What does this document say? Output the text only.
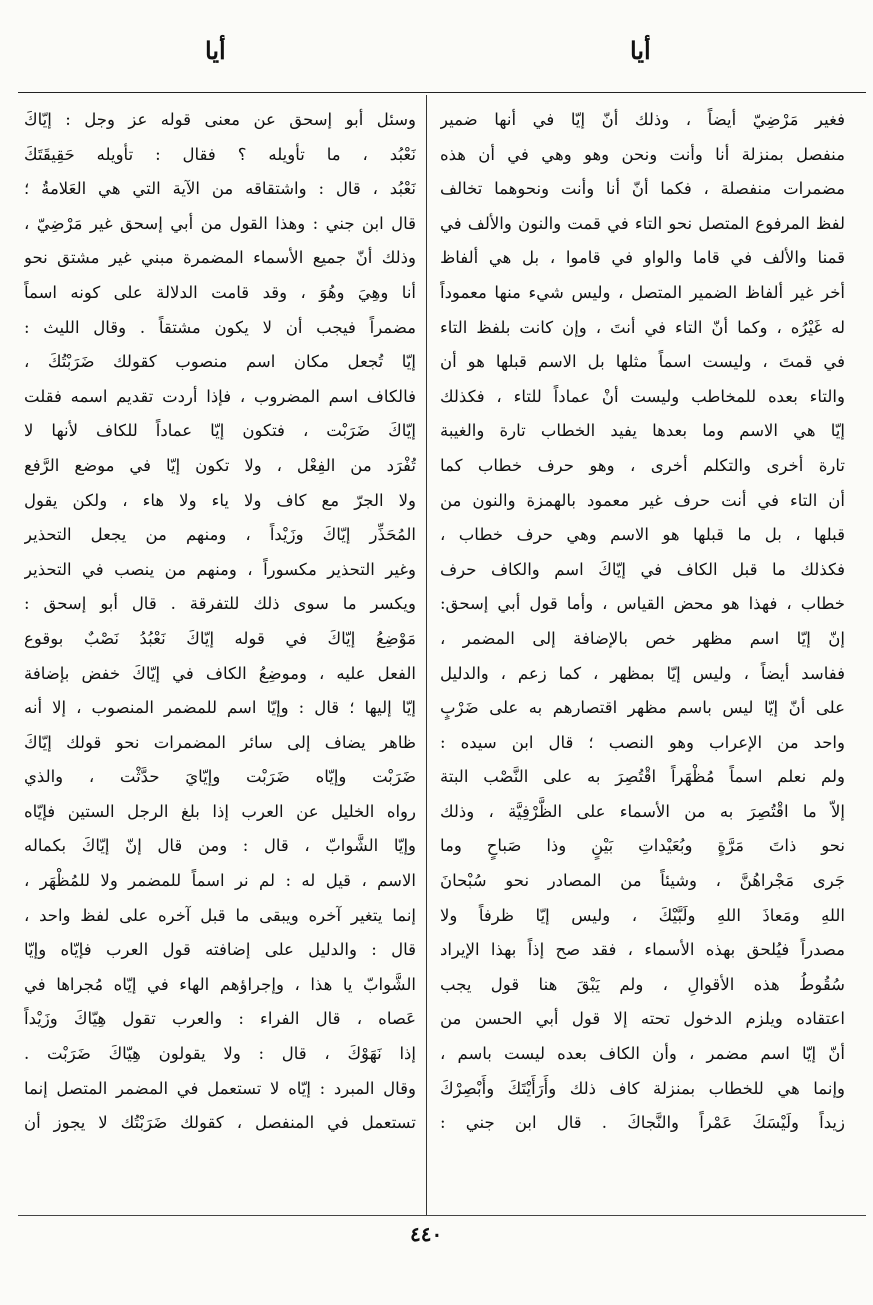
أيا
أيا
فغير مَرْضِيّ أيضاً ، وذلك أنّ إيّا في أنها ضمير
منفصل بمنزلة أنا وأنت ونحن وهو وهي في أن هذه
مضمرات منفصلة ، فكما أنّ أنا وأنت ونحوهما تخالف
لفظ المرفوع المتصل نحو التاء في قمت والنون والألف في
قمنا والألف في قاما والواو في قاموا ، بل هي ألفاظ
أخر غير ألفاظ الضمير المتصل ، وليس شيء منها معموداً
له غَيْرُه ، وكما أنّ التاء في أنتَ ، وإن كانت بلفظ التاء
في قمتَ ، وليست اسماً مثلها بل الاسم قبلها هو أن
والتاء بعده للمخاطب وليست أنْ عماداً للتاء ، فكذلك
إيّا هي الاسم وما بعدها يفيد الخطاب تارة والغيبة
تارة أخرى والتكلم أخرى ، وهو حرف خطاب كما
أن التاء في أنت حرف غير معمود بالهمزة والنون من
قبلها ، بل ما قبلها هو الاسم وهي حرف خطاب ،
فكذلك ما قبل الكاف في إيّاكَ اسم والكاف حرف
خطاب ، فهذا هو محض القياس ، وأما قول أبي إسحق:
إنّ إيّا اسم مظهر خص بالإضافة إلى المضمر ،
ففاسد أيضاً ، وليس إيّا بمظهر ، كما زعم ، والدليل
على أنّ إيّا ليس باسم مظهر اقتصارهم به على ضَرْبٍ
واحد من الإعراب وهو النصب ؛ قال ابن سيده :
ولم نعلم اسماً مُظْهَراً اقْتُصِرَ به على النَّصْب البتة
إلاّ ما اقْتُصِرَ به من الأسماء على الظَّرْفِيَّة ، وذلك
نحو ذاتَ مَرَّةٍ وبُعَيْداتِ بَيْنٍ وذا صَباحٍ وما
جَرى مَجْراهُنَّ ، وشيئاً من المصادر نحو سُبْحانَ
اللهِ ومَعاذَ اللهِ ولَبَّيْكَ ، وليس إيّا ظرفاً ولا
مصدراً فيُلحق بهذه الأسماء ، فقد صح إذاً بهذا الإيراد
سُقُوطُ هذه الأقوالِ ، ولم يَبْقَ هنا قول يجب
اعتقاده ويلزم الدخول تحته إلا قول أبي الحسن من
أنّ إيّا اسم مضمر ، وأن الكاف بعده ليست باسم ،
وإنما هي للخطاب بمنزلة كاف ذلك وأَرَأَيْتَكَ وأَبْصِرْكَ
زيداً ولَيْسَكَ عَمْراً والنَّجاكَ . قال ابن جني :
وسئل أبو إسحق عن معنى قوله عز وجل : إيّاكَ
نَعْبُد ، ما تأويله ؟ فقال : تأويله حَقِيقَتَكَ
نَعْبُد ، قال : واشتقاقه من الآية التي هي العَلامةُ ؛
قال ابن جني : وهذا القول من أبي إسحق غير مَرْضِيّ ،
وذلك أنّ جميع الأسماء المضمرة مبني غير مشتق نحو
أنا وهِيَ وهُوَ ، وقد قامت الدلالة على كونه اسماً
مضمراً فيجب أن لا يكون مشتقاً . وقال الليث :
إيّا تُجعل مكان اسم منصوب كقولك ضَرَبْتُكَ ،
فالكاف اسم المضروب ، فإذا أردت تقديم اسمه فقلت
إيّاكَ ضَرَبْت ، فتكون إيّا عماداً للكاف لأنها لا
تُفْرَد من الفِعْل ، ولا تكون إيّا في موضع الرَّفع
ولا الجرّ مع كاف ولا ياء ولا هاء ، ولكن يقول
المُحَذِّر إيّاكَ وزَيْداً ، ومنهم من يجعل التحذير
وغير التحذير مكسوراً ، ومنهم من ينصب في التحذير
ويكسر ما سوى ذلك للتفرقة . قال أبو إسحق :
مَوْضِعُ إيّاكَ في قوله إيّاكَ نَعْبُدُ نَصْبٌ بوقوع
الفعل عليه ، وموضِعُ الكاف في إيّاكَ خفض بإضافة
إيّا إليها ؛ قال : وإيّا اسم للمضمر المنصوب ، إلا أنه
ظاهر يضاف إلى سائر المضمرات نحو قولك إيّاكَ
ضَرَبْت وإيّاه ضَرَبْت وإيّايَ حدَّثْت ، والذي
رواه الخليل عن العرب إذا بلغ الرجل الستين فإيّاه
وإيّا الشَّوابّ ، قال : ومن قال إنّ إيّاكَ بكماله
الاسم ، قيل له : لم نر اسماً للمضمر ولا للمُظْهَر ،
إنما يتغير آخره ويبقى ما قبل آخره على لفظ واحد ،
قال : والدليل على إضافته قول العرب فإيّاه وإيّا
الشَّوابّ يا هذا ، وإجراؤهم الهاء في إيّاه مُجراها في
عَصاه ، قال الفراء : والعرب تقول هِيّاكَ وزَيْداً
إذا نَهَوْكَ ، قال : ولا يقولون هِيّاكَ ضَرَبْت .
وقال المبرد : إيّاه لا تستعمل في المضمر المتصل إنما
تستعمل في المنفصل ، كقولك ضَرَبْتُك لا يجوز أن
٤٤٠
